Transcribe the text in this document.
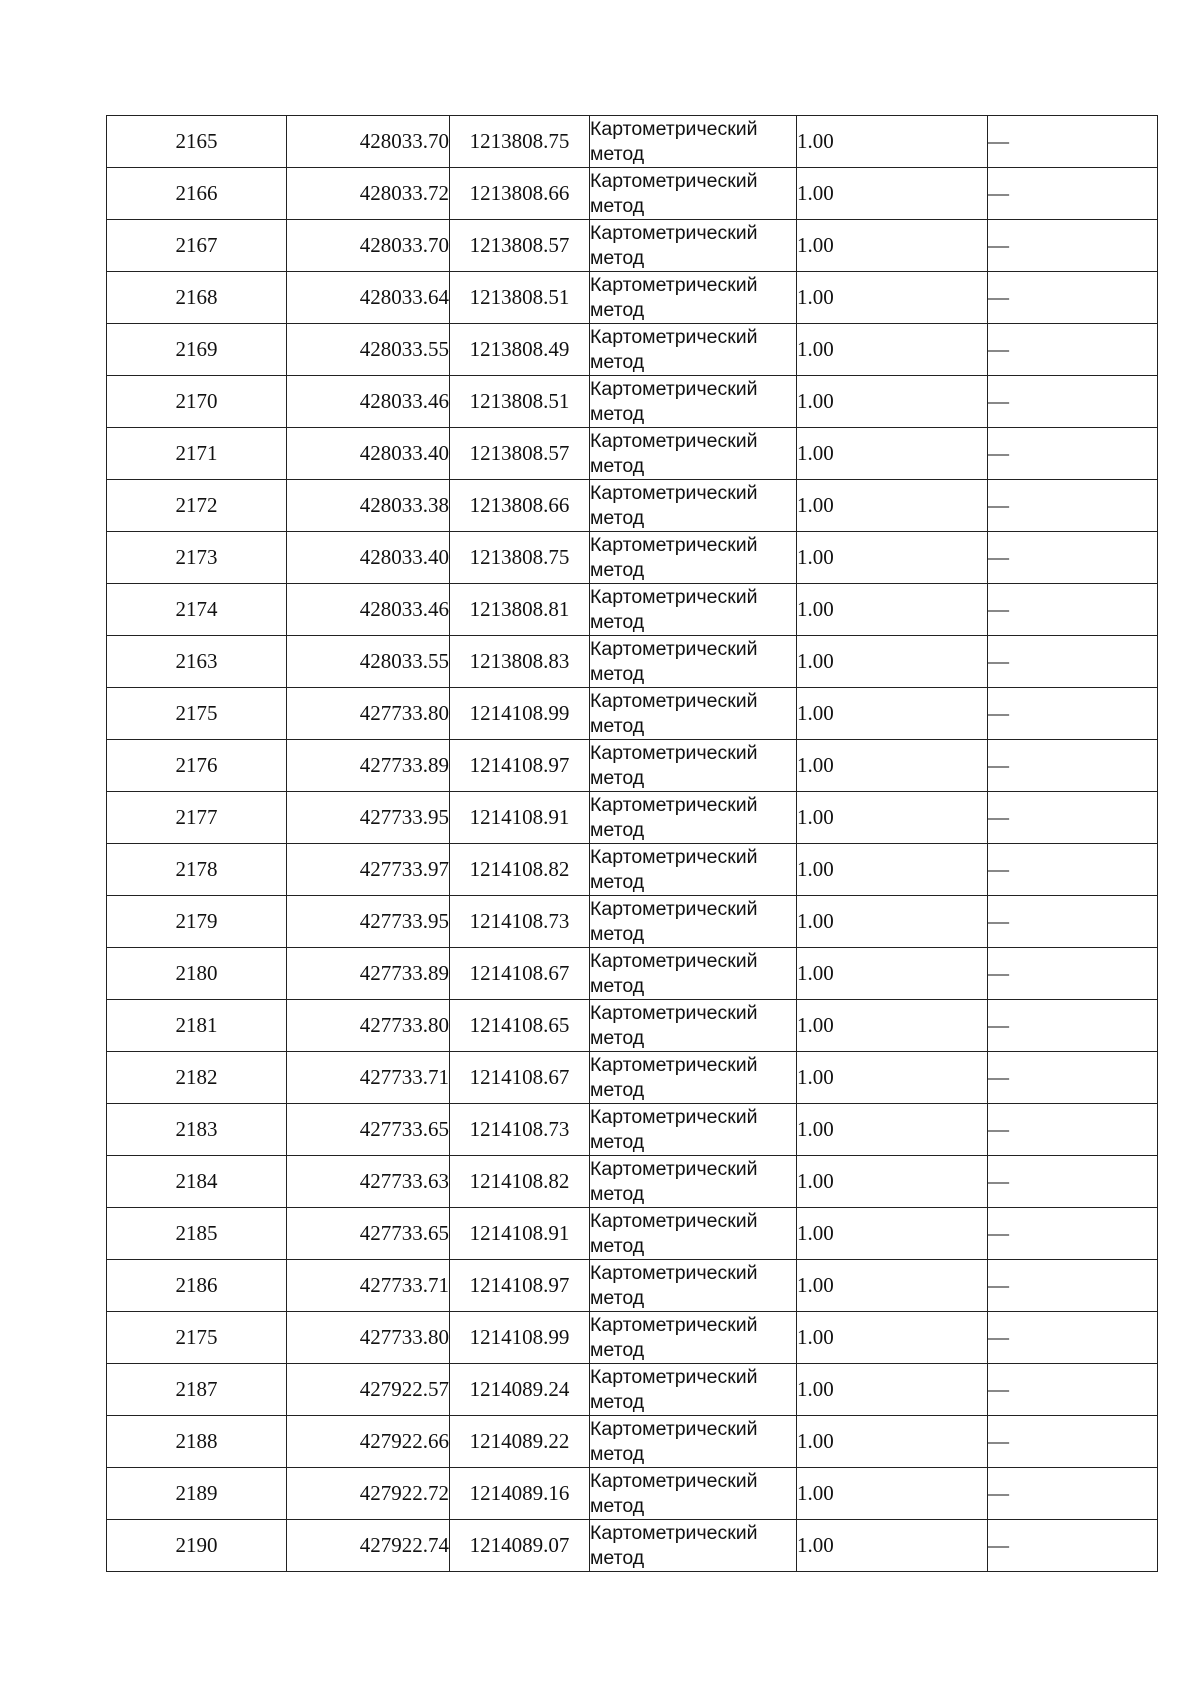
2165	428033.70	1213808.75	Картометрический метод	1.00	—
2166	428033.72	1213808.66	Картометрический метод	1.00	—
2167	428033.70	1213808.57	Картометрический метод	1.00	—
2168	428033.64	1213808.51	Картометрический метод	1.00	—
2169	428033.55	1213808.49	Картометрический метод	1.00	—
2170	428033.46	1213808.51	Картометрический метод	1.00	—
2171	428033.40	1213808.57	Картометрический метод	1.00	—
2172	428033.38	1213808.66	Картометрический метод	1.00	—
2173	428033.40	1213808.75	Картометрический метод	1.00	—
2174	428033.46	1213808.81	Картометрический метод	1.00	—
2163	428033.55	1213808.83	Картометрический метод	1.00	—
2175	427733.80	1214108.99	Картометрический метод	1.00	—
2176	427733.89	1214108.97	Картометрический метод	1.00	—
2177	427733.95	1214108.91	Картометрический метод	1.00	—
2178	427733.97	1214108.82	Картометрический метод	1.00	—
2179	427733.95	1214108.73	Картометрический метод	1.00	—
2180	427733.89	1214108.67	Картометрический метод	1.00	—
2181	427733.80	1214108.65	Картометрический метод	1.00	—
2182	427733.71	1214108.67	Картометрический метод	1.00	—
2183	427733.65	1214108.73	Картометрический метод	1.00	—
2184	427733.63	1214108.82	Картометрический метод	1.00	—
2185	427733.65	1214108.91	Картометрический метод	1.00	—
2186	427733.71	1214108.97	Картометрический метод	1.00	—
2175	427733.80	1214108.99	Картометрический метод	1.00	—
2187	427922.57	1214089.24	Картометрический метод	1.00	—
2188	427922.66	1214089.22	Картометрический метод	1.00	—
2189	427922.72	1214089.16	Картометрический метод	1.00	—
2190	427922.74	1214089.07	Картометрический метод	1.00	—
